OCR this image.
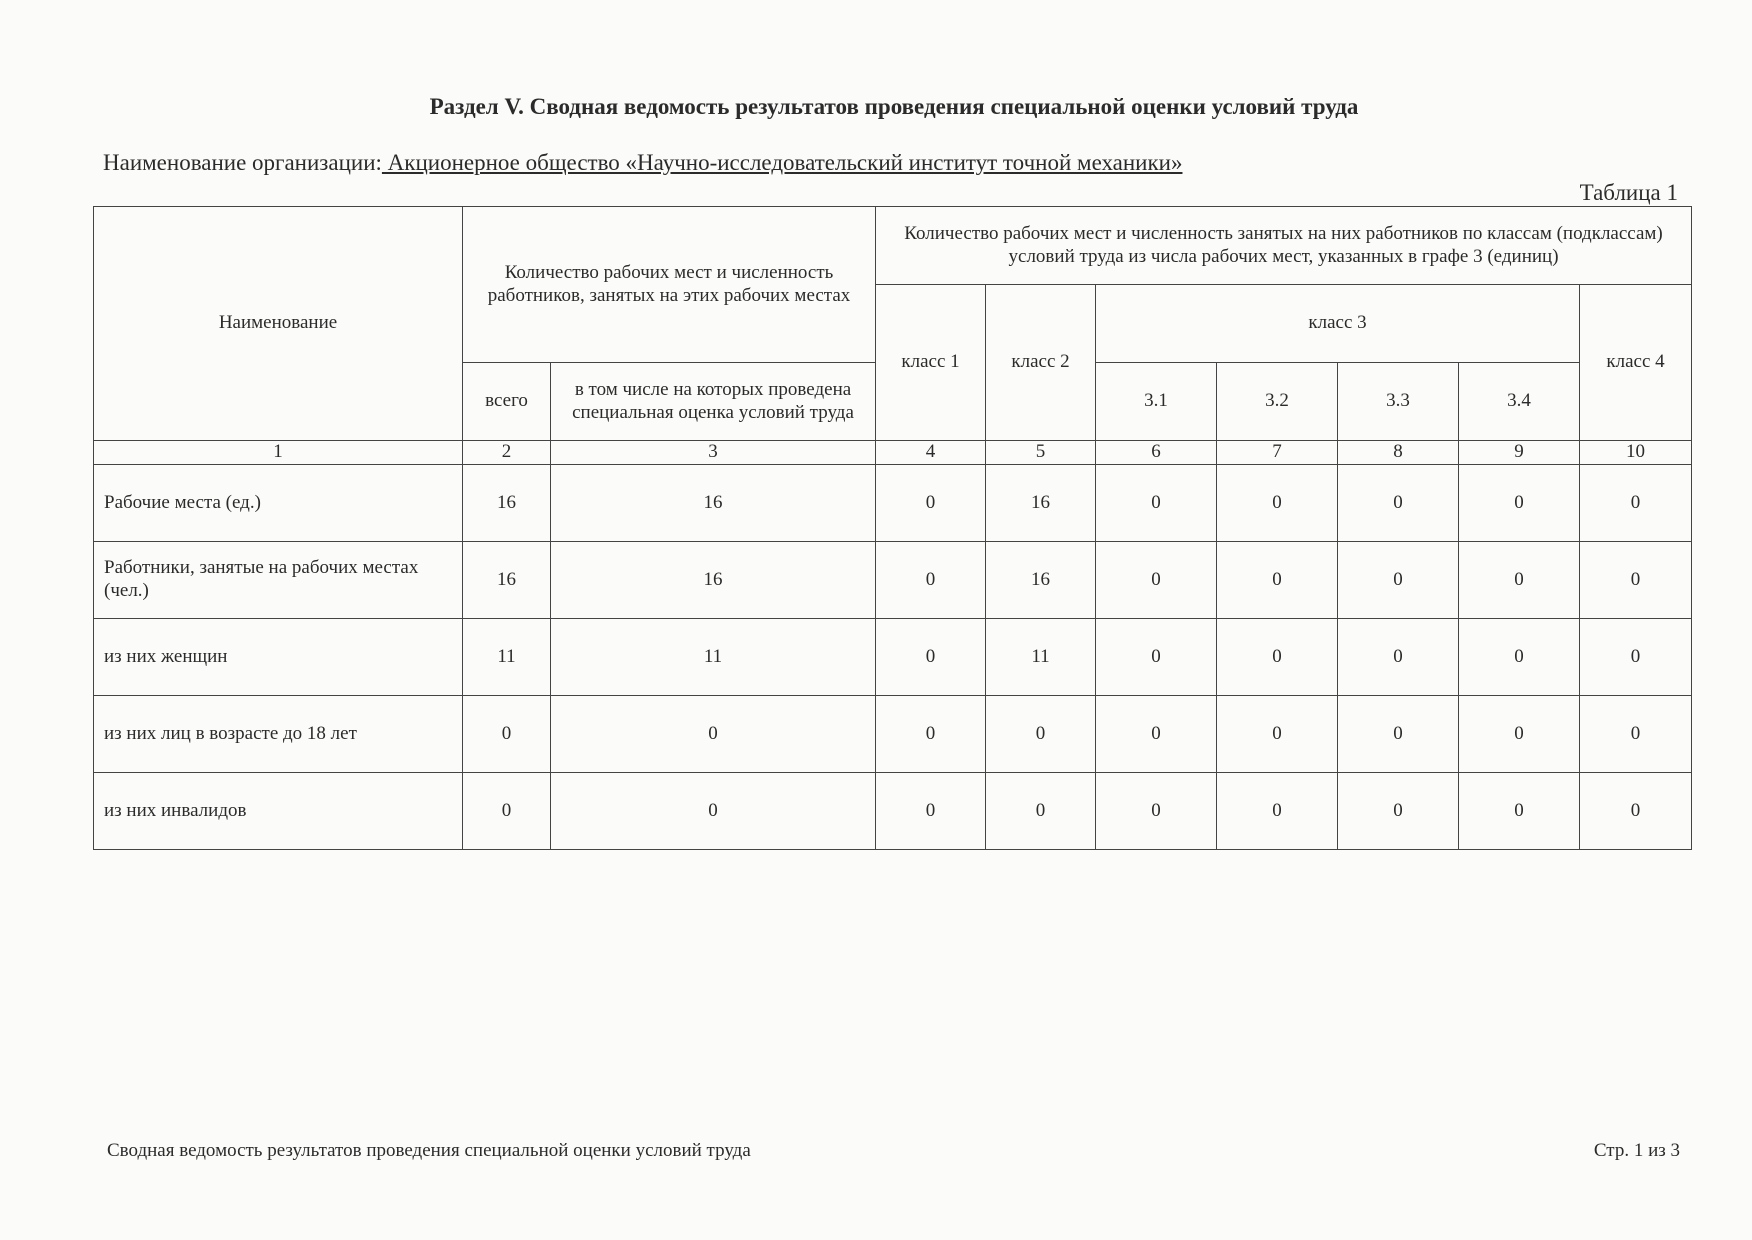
Раздел V. Сводная ведомость результатов проведения специальной оценки условий труда
Наименование организации: Акционерное общество «Научно-исследовательский институт точной механики»
Таблица 1
Наименование	Количество рабочих мест и численность работников, занятых на этих рабочих местах		Количество рабочих мест и численность занятых на них работников по классам (подклассам) условий труда из числа рабочих мест, указанных в графе 3 (единиц)						
			класс 1	класс 2	класс 3				класс 4
	всего	в том числе на которых проведена специальная оценка условий труда			3.1	3.2	3.3	3.4	
1	2	3	4	5	6	7	8	9	10
Рабочие места (ед.)	16	16	0	16	0	0	0	0	0
Работники, занятые на рабочих местах (чел.)	16	16	0	16	0	0	0	0	0
из них женщин	11	11	0	11	0	0	0	0	0
из них лиц в возрасте до 18 лет	0	0	0	0	0	0	0	0	0
из них инвалидов	0	0	0	0	0	0	0	0	0
Сводная ведомость результатов проведения специальной оценки условий труда	Стр. 1 из 3
